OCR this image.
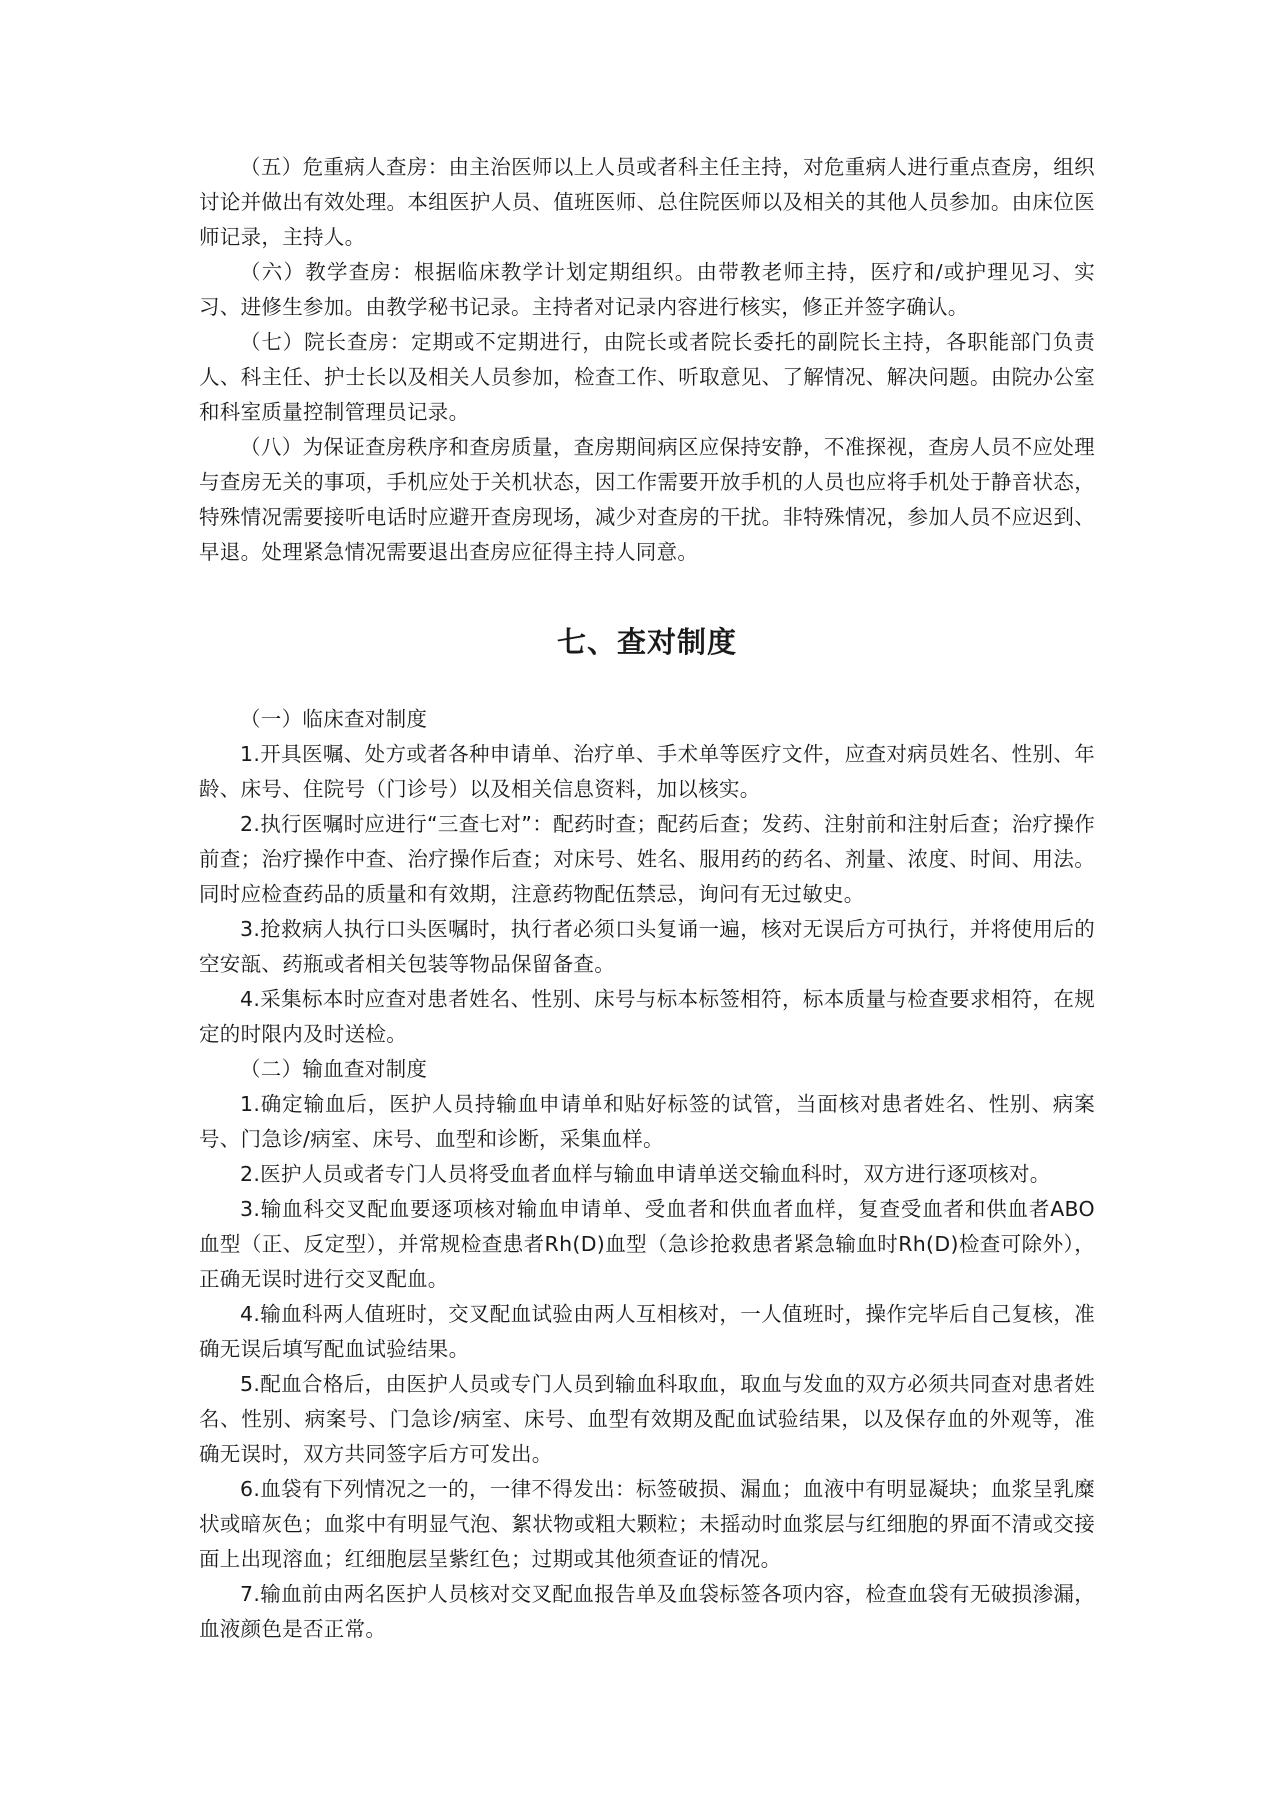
（五）危重病人查房：由主治医师以上人员或者科主任主持，对危重病人进行重点查房，组织讨论并做出有效处理。本组医护人员、值班医师、总住院医师以及相关的其他人员参加。由床位医师记录，主持人。

（六）教学查房：根据临床教学计划定期组织。由带教老师主持，医疗和/或护理见习、实习、进修生参加。由教学秘书记录。主持者对记录内容进行核实，修正并签字确认。

（七）院长查房：定期或不定期进行，由院长或者院长委托的副院长主持，各职能部门负责人、科主任、护士长以及相关人员参加，检查工作、听取意见、了解情况、解决问题。由院办公室和科室质量控制管理员记录。

（八）为保证查房秩序和查房质量，查房期间病区应保持安静，不准探视，查房人员不应处理与查房无关的事项，手机应处于关机状态，因工作需要开放手机的人员也应将手机处于静音状态，特殊情况需要接听电话时应避开查房现场，减少对查房的干扰。非特殊情况，参加人员不应迟到、早退。处理紧急情况需要退出查房应征得主持人同意。

七、查对制度

（一）临床查对制度

1.开具医嘱、处方或者各种申请单、治疗单、手术单等医疗文件，应查对病员姓名、性别、年龄、床号、住院号（门诊号）以及相关信息资料，加以核实。

2.执行医嘱时应进行“三查七对”：配药时查；配药后查；发药、注射前和注射后查；治疗操作前查；治疗操作中查、治疗操作后查；对床号、姓名、服用药的药名、剂量、浓度、时间、用法。同时应检查药品的质量和有效期，注意药物配伍禁忌，询问有无过敏史。

3.抢救病人执行口头医嘱时，执行者必须口头复诵一遍，核对无误后方可执行，并将使用后的空安瓿、药瓶或者相关包装等物品保留备查。

4.采集标本时应查对患者姓名、性别、床号与标本标签相符，标本质量与检查要求相符，在规定的时限内及时送检。

（二）输血查对制度

1.确定输血后，医护人员持输血申请单和贴好标签的试管，当面核对患者姓名、性别、病案号、门急诊/病室、床号、血型和诊断，采集血样。

2.医护人员或者专门人员将受血者血样与输血申请单送交输血科时，双方进行逐项核对。

3.输血科交叉配血要逐项核对输血申请单、受血者和供血者血样，复查受血者和供血者ABO血型（正、反定型），并常规检查患者Rh(D)血型（急诊抢救患者紧急输血时Rh(D)检查可除外），正确无误时进行交叉配血。

4.输血科两人值班时，交叉配血试验由两人互相核对，一人值班时，操作完毕后自己复核，准确无误后填写配血试验结果。

5.配血合格后，由医护人员或专门人员到输血科取血，取血与发血的双方必须共同查对患者姓名、性别、病案号、门急诊/病室、床号、血型有效期及配血试验结果，以及保存血的外观等，准确无误时，双方共同签字后方可发出。

6.血袋有下列情况之一的，一律不得发出：标签破损、漏血；血液中有明显凝块；血浆呈乳糜状或暗灰色；血浆中有明显气泡、絮状物或粗大颗粒；未摇动时血浆层与红细胞的界面不清或交接面上出现溶血；红细胞层呈紫红色；过期或其他须查证的情况。

7.输血前由两名医护人员核对交叉配血报告单及血袋标签各项内容，检查血袋有无破损渗漏，血液颜色是否正常。
